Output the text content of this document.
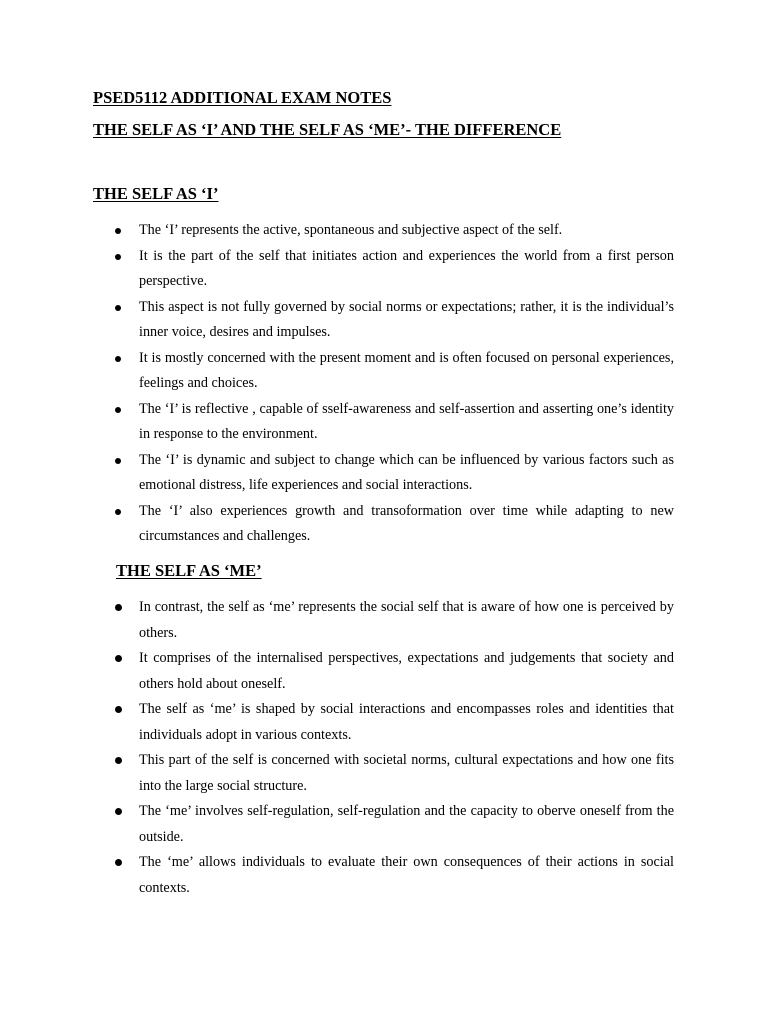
PSED5112 ADDITIONAL EXAM NOTES
THE SELF AS ‘I’ AND THE SELF AS ‘ME’- THE DIFFERENCE
THE SELF AS ‘I’
The ‘I’ represents the active, spontaneous and subjective aspect of the self.
It is the part of the self that initiates action and experiences the world from a first person perspective.
This aspect is not fully governed by social norms or expectations; rather, it is the individual’s inner voice, desires and impulses.
It is mostly concerned with the present moment and is often focused on personal experiences, feelings and choices.
The ‘I’ is reflective , capable of sself-awareness and self-assertion and asserting one’s identity in response to the environment.
The ‘I’ is dynamic and subject to change which can be influenced by various factors such as emotional distress, life experiences and social interactions.
The ‘I’ also experiences growth and transoformation over time while adapting to new circumstances and challenges.
THE SELF AS ‘ME’
In contrast, the self as ‘me’ represents the social self that is aware of how one is perceived by others.
It comprises of the internalised perspectives, expectations and judgements that society and others hold about oneself.
The self as ‘me’ is shaped by social interactions and encompasses roles and identities that individuals adopt in various contexts.
This part of the self is concerned with societal norms, cultural expectations and how one fits into the large social structure.
The ‘me’ involves self-regulation, self-regulation and the capacity to oberve oneself from the outside.
The ‘me’ allows individuals to evaluate their own consequences of their actions in social contexts.
